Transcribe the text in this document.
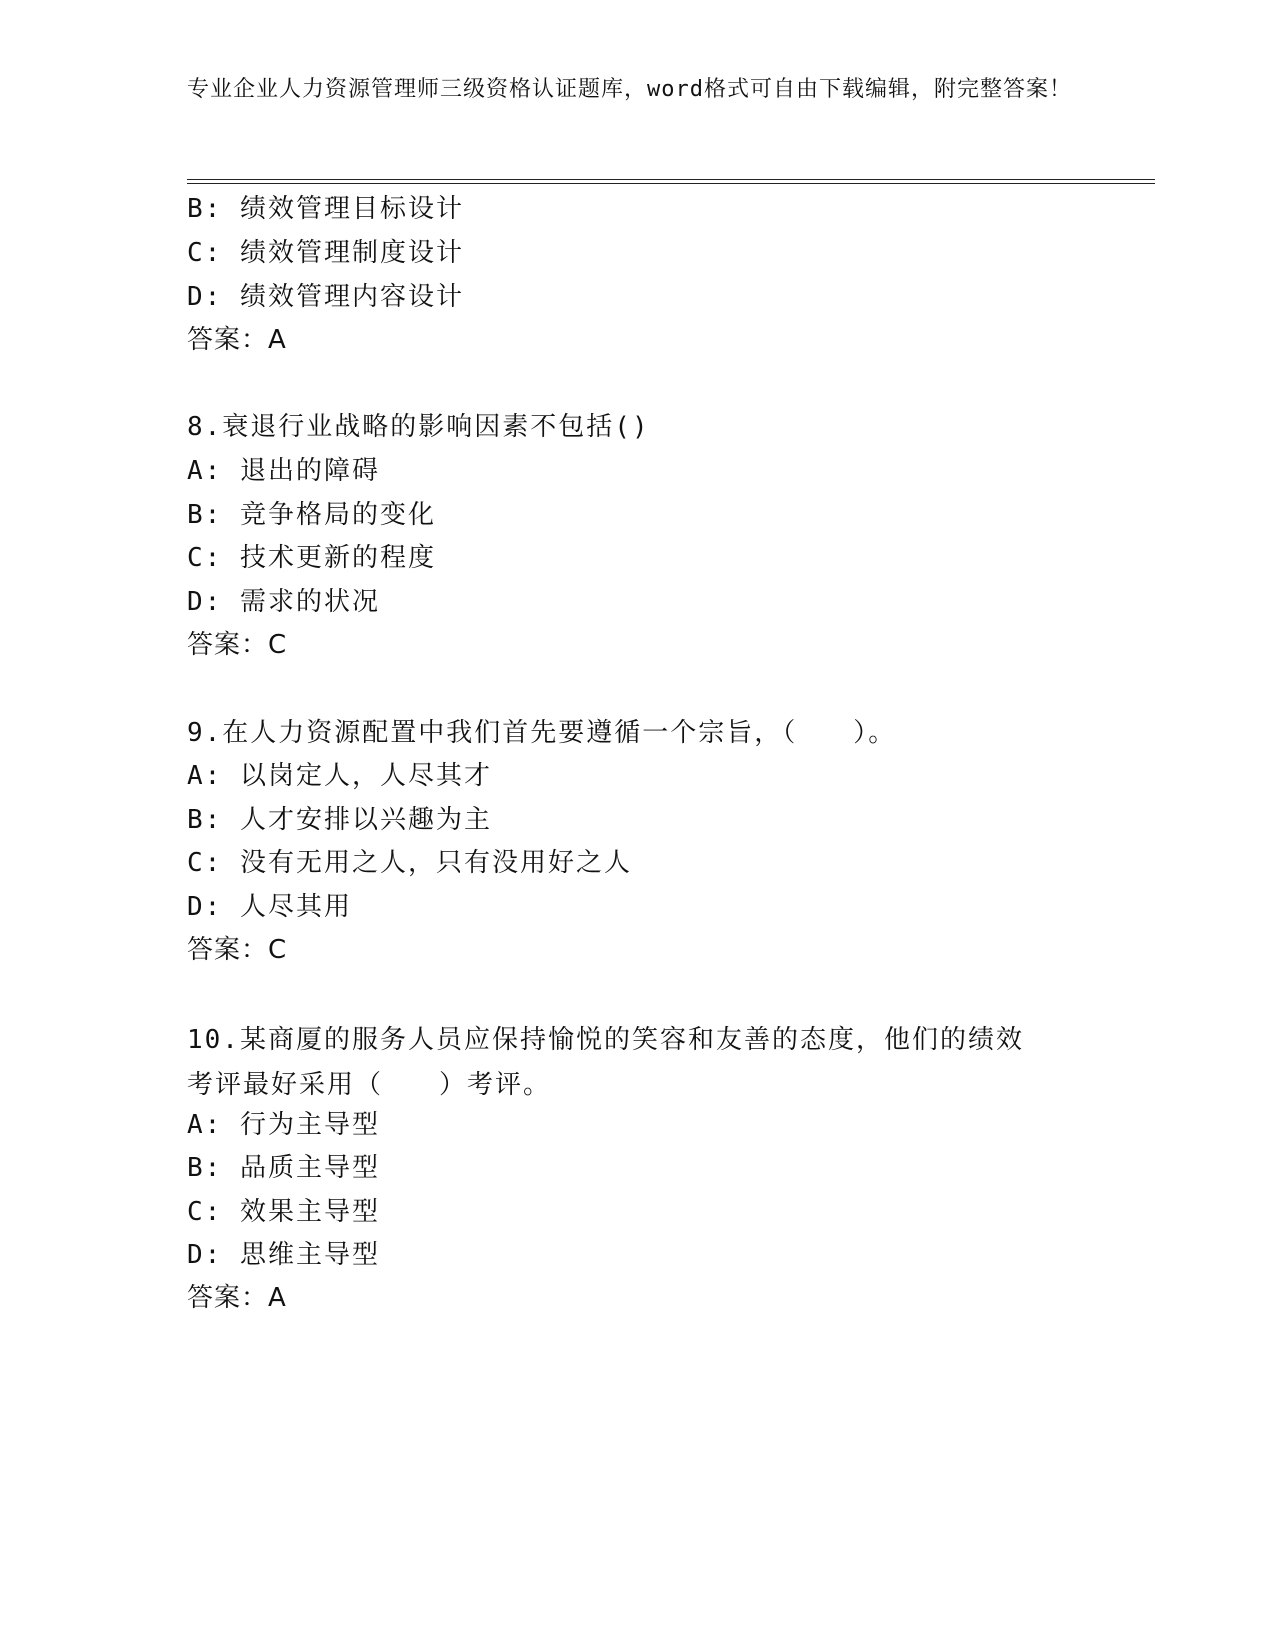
专业企业人力资源管理师三级资格认证题库，word格式可自由下载编辑，附完整答案！
B: 绩效管理目标设计
C: 绩效管理制度设计
D: 绩效管理内容设计
答案：A
8.衰退行业战略的影响因素不包括()
A: 退出的障碍
B: 竞争格局的变化
C: 技术更新的程度
D: 需求的状况
答案：C
9.在人力资源配置中我们首先要遵循一个宗旨，（　　）。
A: 以岗定人，人尽其才
B: 人才安排以兴趣为主
C: 没有无用之人，只有没用好之人
D: 人尽其用
答案：C
10.某商厦的服务人员应保持愉悦的笑容和友善的态度，他们的绩效考评最好采用（　　）考评。
A: 行为主导型
B: 品质主导型
C: 效果主导型
D: 思维主导型
答案：A
